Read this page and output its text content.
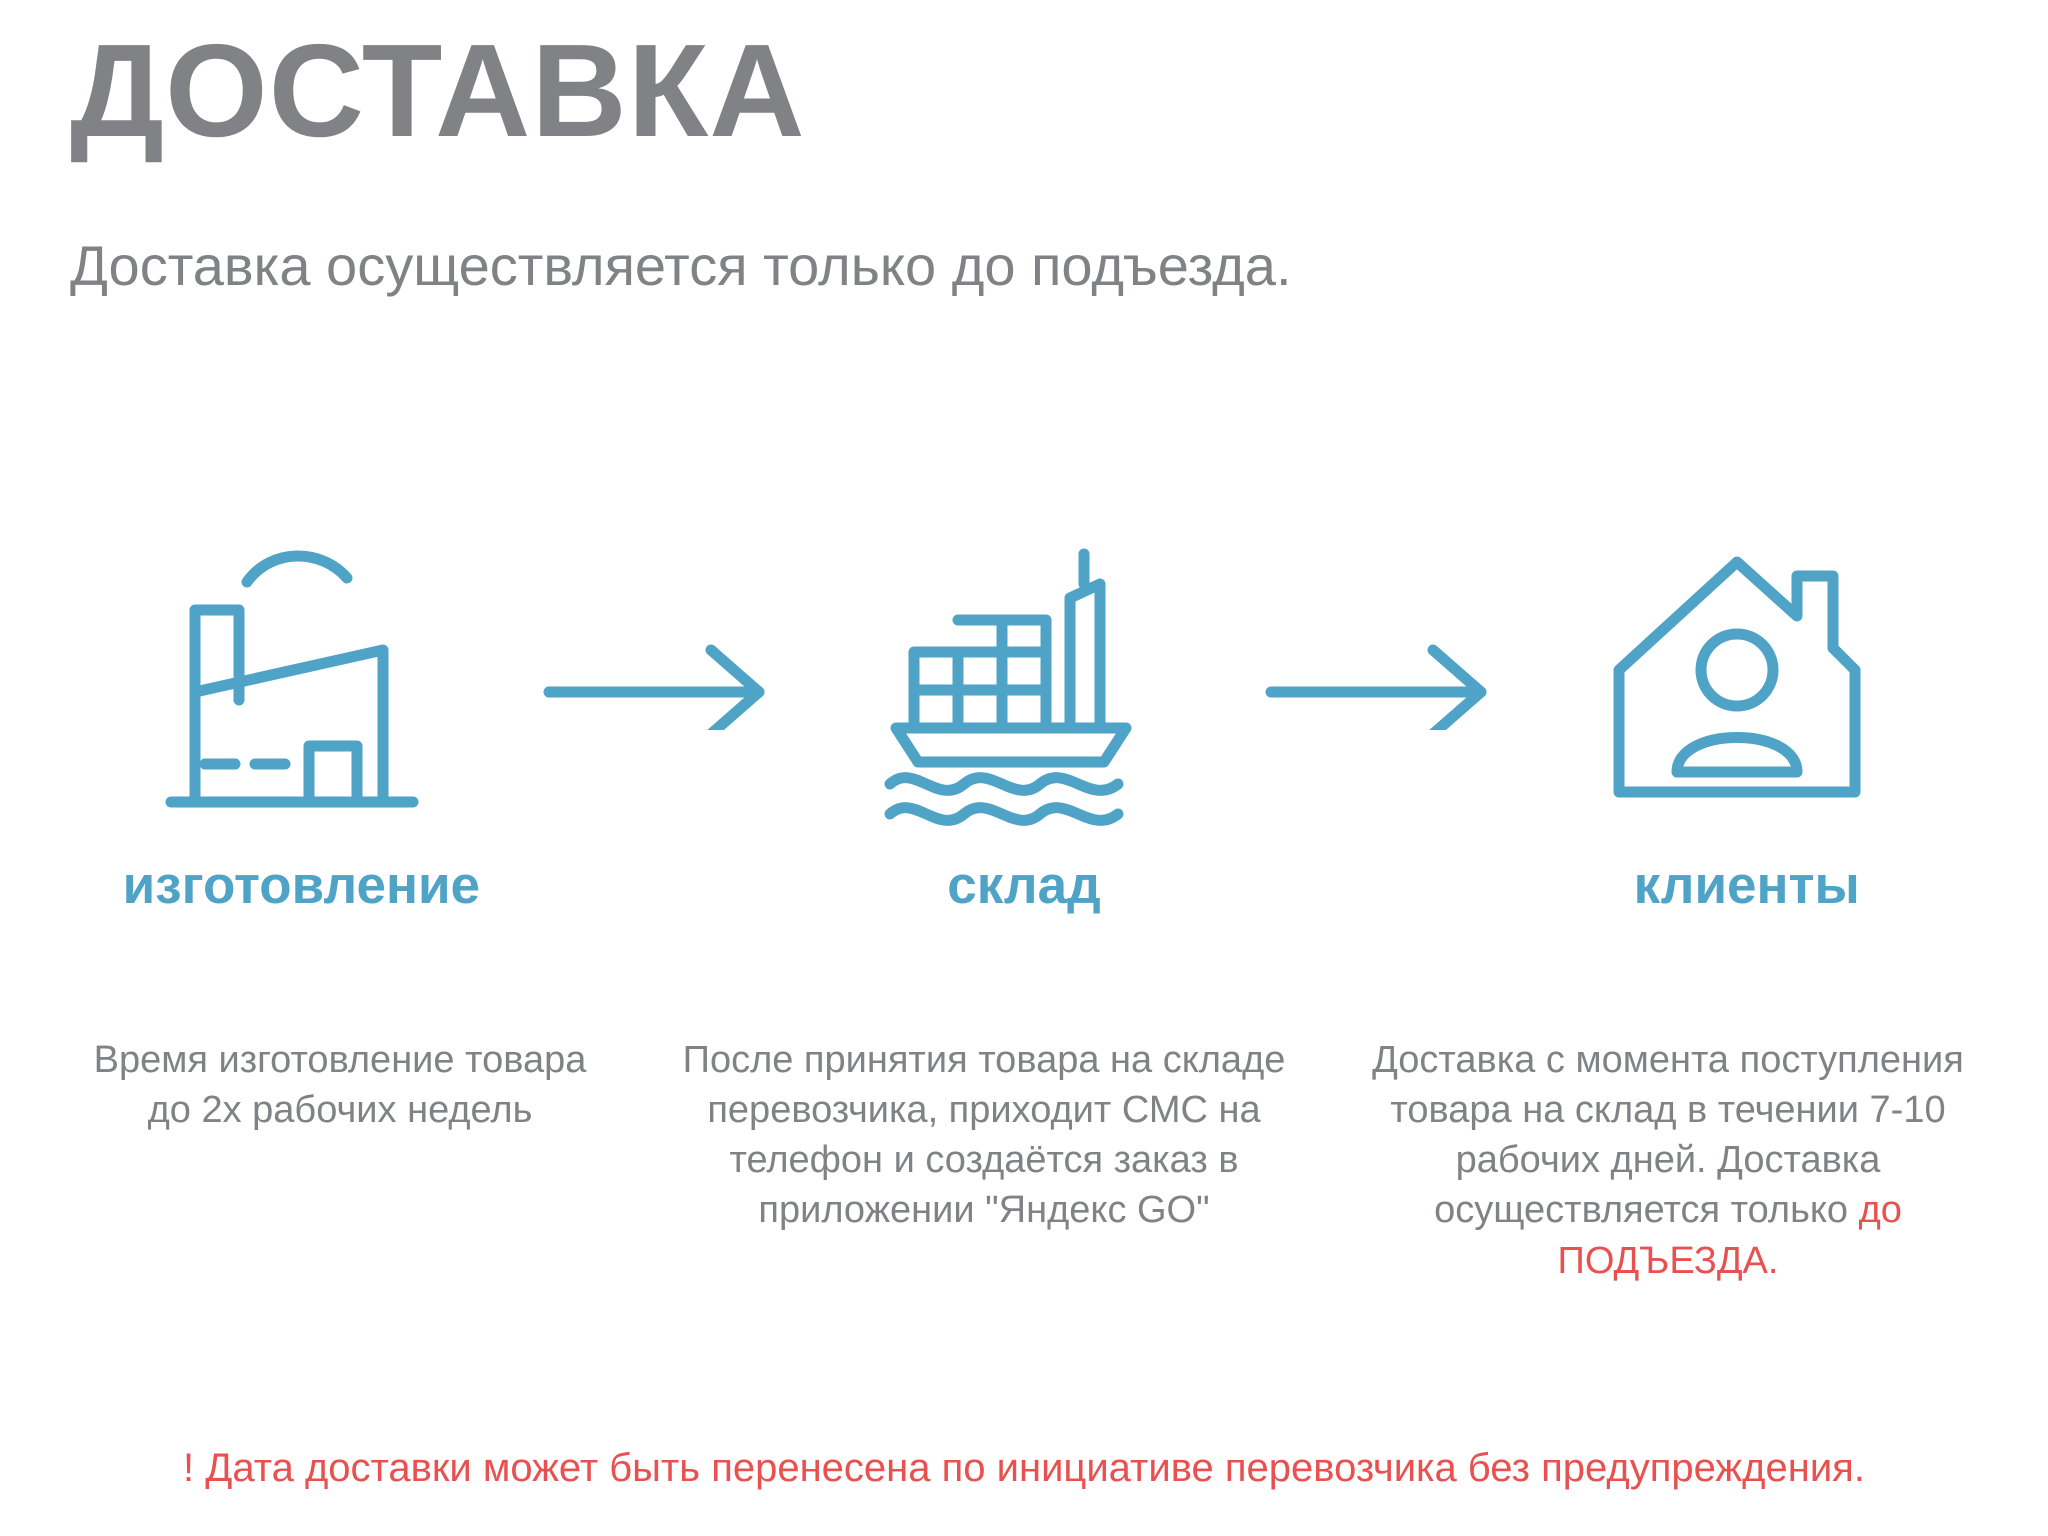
ДОСТАВКА

Доставка осуществляется только до подъезда.

изготовление	склад	клиенты
Время изготовление товара до 2х рабочих недель
После принятия товара на складе перевозчика, приходит СМС на телефон и создаётся заказ в приложении "Яндекс GO"
Доставка с момента поступления товара на склад в течении 7-10 рабочих дней. Доставка осуществляется только до ПОДЪЕЗДА.
! Дата доставки может быть перенесена по инициативе перевозчика без предупреждения.
